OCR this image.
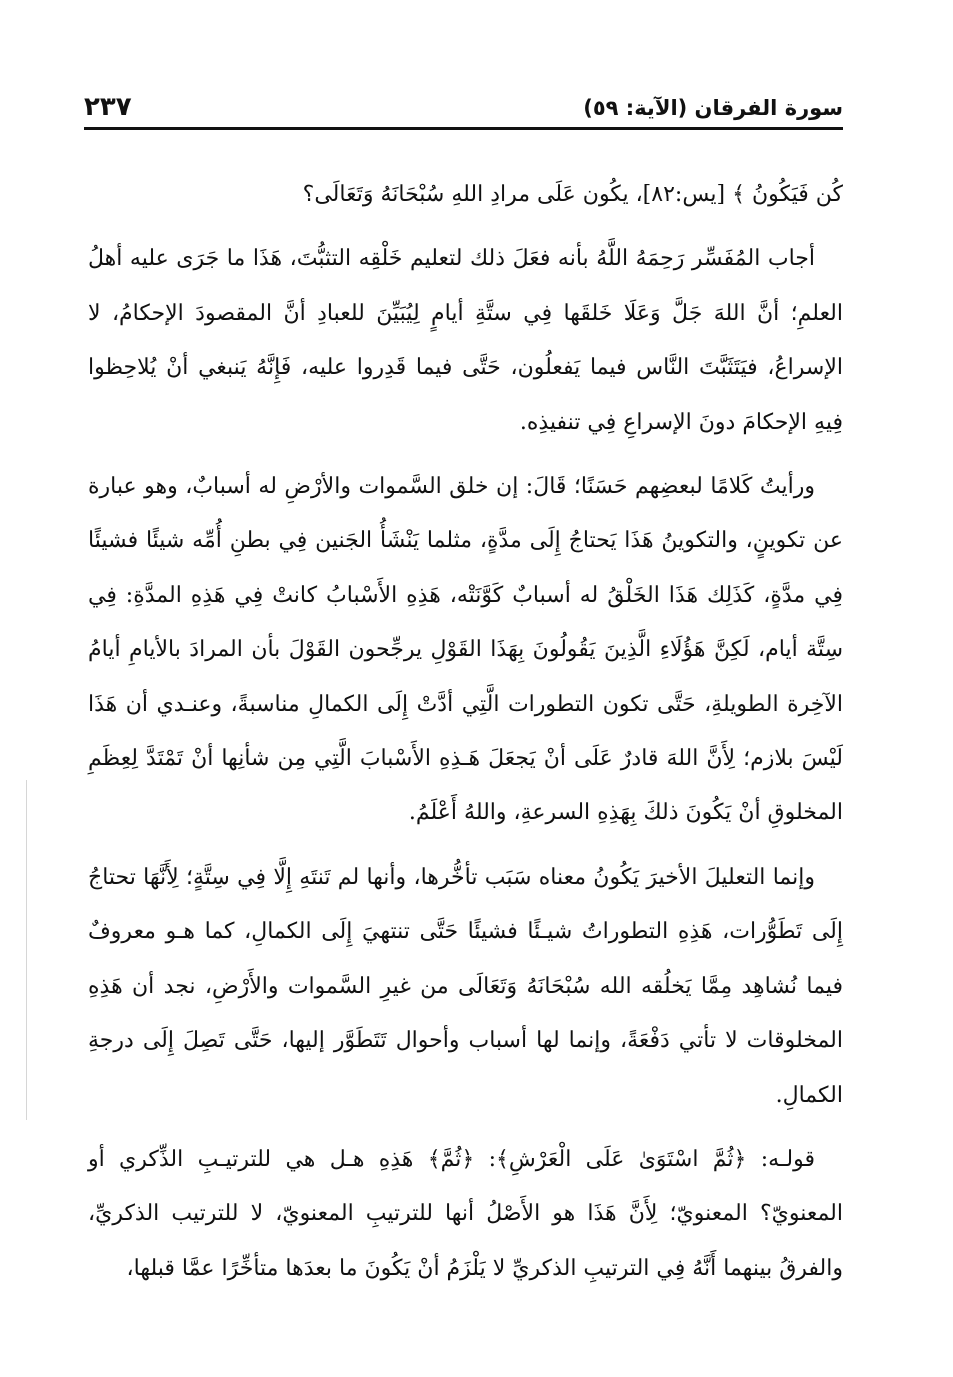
سورة الفرقان (الآية: ٥٩)
٢٣٧

كُن فَيَكُونُ ﴾ [يس:٨٢]، يكُون عَلَى مرادِ اللهِ سُبْحَانَهُ وَتَعَالَى؟

أجاب المُفَسِّر رَحِمَهُ اللَّهُ بأنه فعَلَ ذلك لتعليم خَلْقِه التثبُّتَ، هَذَا ما جَرَى عليه أهلُ العلمِ؛ أنَّ اللهَ جَلَّ وَعَلَا خَلقَها فِي ستَّةِ أيامٍ لِيُبَيِّنَ للعبادِ أنَّ المقصودَ الإحكامُ، لا الإسراعُ، فيَتَثَبَّتَ النَّاس فيما يَفعلُون، حَتَّى فيما قَدِروا عليه، فَإِنَّهُ يَنبغي أنْ يُلاحِظوا فِيهِ الإحكامَ دونَ الإسراعِ فِي تنفيذِه.

ورأيتُ كَلامًا لبعضِهم حَسَنًا؛ قَالَ: إن خلق السَّموات والأرْضِ له أسبابٌ، وهو عبارة عن تكوينٍ، والتكوينُ هَذَا يَحتاجُ إِلَى مدَّةٍ، مثلما يَنْشَأُ الجَنين فِي بطنِ أُمِّه شيئًا فشيئًا فِي مدَّةٍ، كَذَلِك هَذَا الخَلْقُ له أسبابٌ كَوَّنَتْه، هَذِهِ الأَسْبابُ كانتْ فِي هَذِهِ المدَّةِ: فِي سِتَّة أيام، لَكِنَّ هَؤُلَاءِ الَّذِينَ يَقُولُونَ بِهَذَا القَوْلِ يرجِّحون القَوْلَ بأن المرادَ بالأيامِ أيامُ الآخِرة الطويلةِ، حَتَّى تكون التطورات الَّتِي أدَّتْ إِلَى الكمالِ مناسبةً، وعنـدي أن هَذَا لَيْسَ بلازم؛ لِأَنَّ اللهَ قادرٌ عَلَى أنْ يَجعَلَ هَـذِهِ الأَسْبابَ الَّتِي مِن شأنِها أنْ تَمْتَدَّ لِعِظَمِ المخلوقِ أنْ يَكُونَ ذلكَ بِهَذِهِ السرعةِ، واللهُ أَعْلَمُ.

وإنما التعليلَ الأخيرَ يَكُونُ معناه سَبَب تأخُّرها، وأنها لم تَنتَهِ إِلَّا فِي سِتَّةٍ؛ لِأَنَّهَا تحتاجُ إِلَى تَطَوُّرات، هَذِهِ التطوراتُ شيـئًا فشيئًا حَتَّى تنتهيَ إِلَى الكمالِ، كما هـو معروفٌ فيما نُشاهِد مِمَّا يَخلُقه الله سُبْحَانَهُ وَتَعَالَى من غيرِ السَّموات والأَرْضِ، نجد أن هَذِهِ المخلوقات لا تأتي دَفْعَةً، وإنما لها أسباب وأحوال تَتَطَوَّر إليها، حَتَّى تَصِلَ إِلَى درجةِ الكمالِ.

قولـه: ﴿ثُمَّ اسْتَوَىٰ عَلَى الْعَرْشِ﴾: ﴿ثُمَّ﴾ هَذِهِ هـل هي للترتيـبِ الذِّكري أو المعنويّ؟ المعنويّ؛ لِأَنَّ هَذَا هو الأَصْلُ أنها للترتيبِ المعنويّ، لا للترتيب الذكريِّ، والفرقُ بينهما أَنَّهُ فِي الترتيبِ الذكريِّ لا يَلْزَمُ أنْ يَكُونَ ما بعدَها متأخِّرًا عمَّا قبلها،
